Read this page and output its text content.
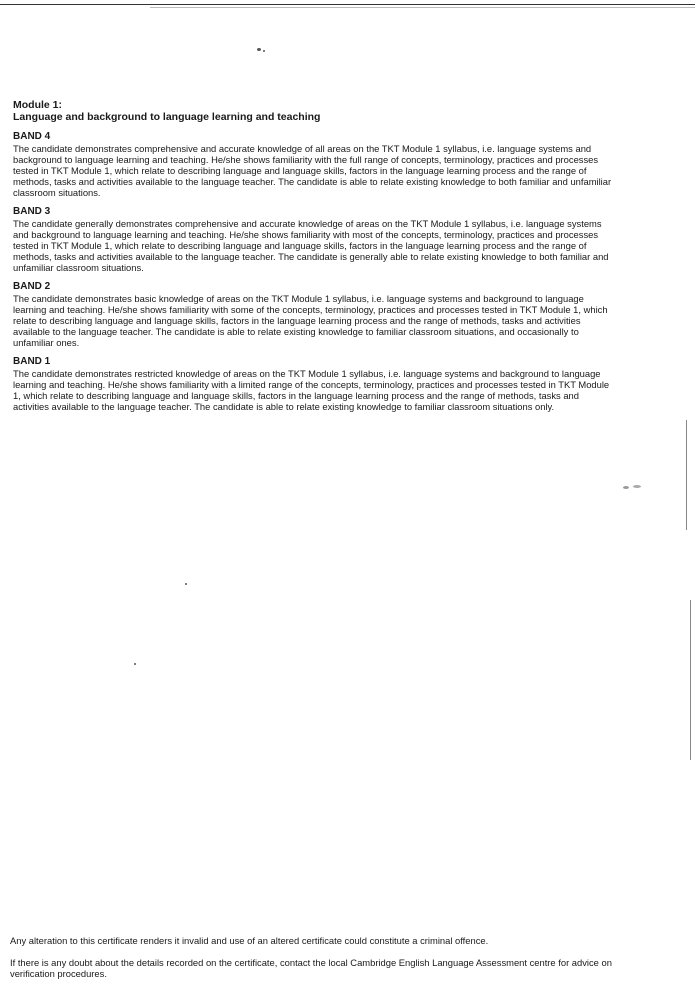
Module 1:
Language and background to language learning and teaching
BAND 4
The candidate demonstrates comprehensive and accurate knowledge of all areas on the TKT Module 1 syllabus, i.e. language systems and background to language learning and teaching. He/she shows familiarity with the full range of concepts, terminology, practices and processes tested in TKT Module 1, which relate to describing language and language skills, factors in the language learning process and the range of methods, tasks and activities available to the language teacher. The candidate is able to relate existing knowledge to both familiar and unfamiliar classroom situations.
BAND 3
The candidate generally demonstrates comprehensive and accurate knowledge of areas on the TKT Module 1 syllabus, i.e. language systems and background to language learning and teaching. He/she shows familiarity with most of the concepts, terminology, practices and processes tested in TKT Module 1, which relate to describing language and language skills, factors in the language learning process and the range of methods, tasks and activities available to the language teacher. The candidate is generally able to relate existing knowledge to both familiar and unfamiliar classroom situations.
BAND 2
The candidate demonstrates basic knowledge of areas on the TKT Module 1 syllabus, i.e. language systems and background to language learning and teaching. He/she shows familiarity with some of the concepts, terminology, practices and processes tested in TKT Module 1, which relate to describing language and language skills, factors in the language learning process and the range of methods, tasks and activities available to the language teacher. The candidate is able to relate existing knowledge to familiar classroom situations, and occasionally to unfamiliar ones.
BAND 1
The candidate demonstrates restricted knowledge of areas on the TKT Module 1 syllabus, i.e. language systems and background to language learning and teaching. He/she shows familiarity with a limited range of the concepts, terminology, practices and processes tested in TKT Module 1, which relate to describing language and language skills, factors in the language learning process and the range of methods, tasks and activities available to the language teacher. The candidate is able to relate existing knowledge to familiar classroom situations only.
Any alteration to this certificate renders it invalid and use of an altered certificate could constitute a criminal offence.
If there is any doubt about the details recorded on the certificate, contact the local Cambridge English Language Assessment centre for advice on verification procedures.
